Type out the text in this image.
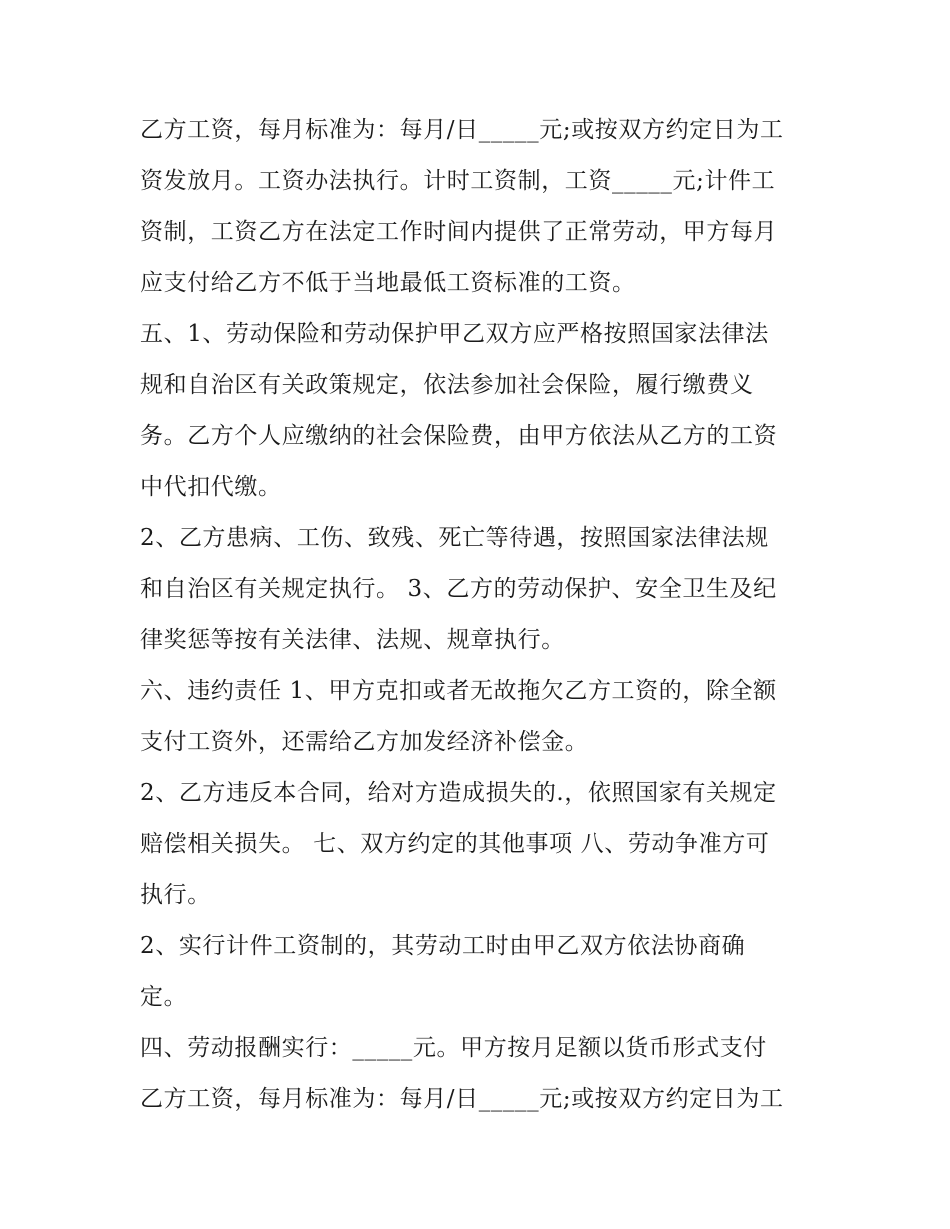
乙方工资，每月标准为：每月/日_____元;或按双方约定日为工
资发放月。工资办法执行。计时工资制，工资_____元;计件工
资制，工资乙方在法定工作时间内提供了正常劳动，甲方每月
应支付给乙方不低于当地最低工资标准的工资。
五、1、劳动保险和劳动保护甲乙双方应严格按照国家法律法
规和自治区有关政策规定，依法参加社会保险，履行缴费义
务。乙方个人应缴纳的社会保险费，由甲方依法从乙方的工资
中代扣代缴。
2、乙方患病、工伤、致残、死亡等待遇，按照国家法律法规
和自治区有关规定执行。 3、乙方的劳动保护、安全卫生及纪
律奖惩等按有关法律、法规、规章执行。
六、违约责任 1、甲方克扣或者无故拖欠乙方工资的，除全额
支付工资外，还需给乙方加发经济补偿金。
2、乙方违反本合同，给对方造成损失的.，依照国家有关规定
赔偿相关损失。 七、双方约定的其他事项 八、劳动争准方可
执行。
2、实行计件工资制的，其劳动工时由甲乙双方依法协商确
定。
四、劳动报酬实行：_____元。甲方按月足额以货币形式支付
乙方工资，每月标准为：每月/日_____元;或按双方约定日为工
